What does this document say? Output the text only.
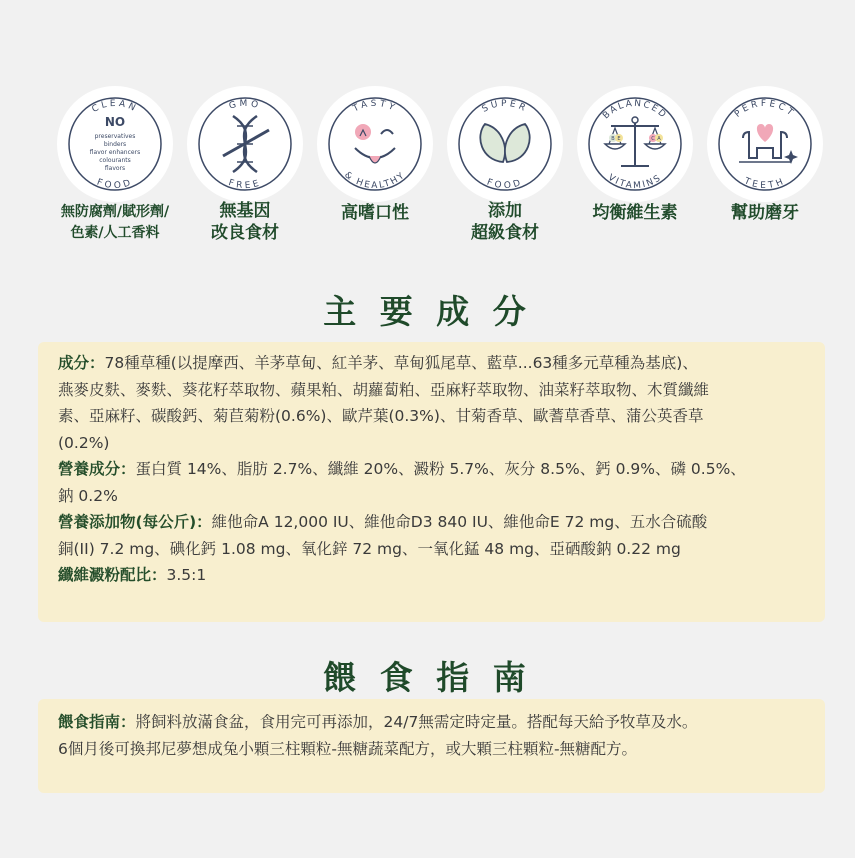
CLEAN
FOOD
NO
preservatives
binders
flavor enhancers
colourants
flavors
無防腐劑/賦形劑/
色素/人工香料
GMO
FREE
無基因
改良食材
TASTY
& HEALTHY
高嗜口性
SUPER
FOOD
添加
超級食材
BALANCED
VITAMINS
B E	C A
均衡維生素
PERFECT
TEETH
幫助磨牙
主 要 成 分

成分：78種草種(以提摩西、羊茅草甸、紅羊茅、草甸狐尾草、藍草...63種多元草種為基底)、

燕麥皮麩、麥麩、葵花籽萃取物、蘋果粕、胡蘿蔔粕、亞麻籽萃取物、油菜籽萃取物、木質纖維

素、亞麻籽、碳酸鈣、菊苣菊粉(0.6%)、歐芹葉(0.3%)、甘菊香草、歐蓍草香草、蒲公英香草

(0.2%)

營養成分：蛋白質 14%、脂肪 2.7%、纖維 20%、澱粉 5.7%、灰分 8.5%、鈣 0.9%、磷 0.5%、

鈉 0.2%

營養添加物(每公斤)：維他命A 12,000 IU、維他命D3 840 IU、維他命E 72 mg、五水合硫酸

銅(II) 7.2 mg、碘化鈣 1.08 mg、氧化鋅 72 mg、一氧化錳 48 mg、亞硒酸鈉 0.22 mg

纖維澱粉配比：3.5:1

餵 食 指 南

餵食指南：將飼料放滿食盆，食用完可再添加，24/7無需定時定量。搭配每天給予牧草及水。

6個月後可換邦尼夢想成兔小顆三柱顆粒-無糖蔬菜配方，或大顆三柱顆粒-無糖配方。
